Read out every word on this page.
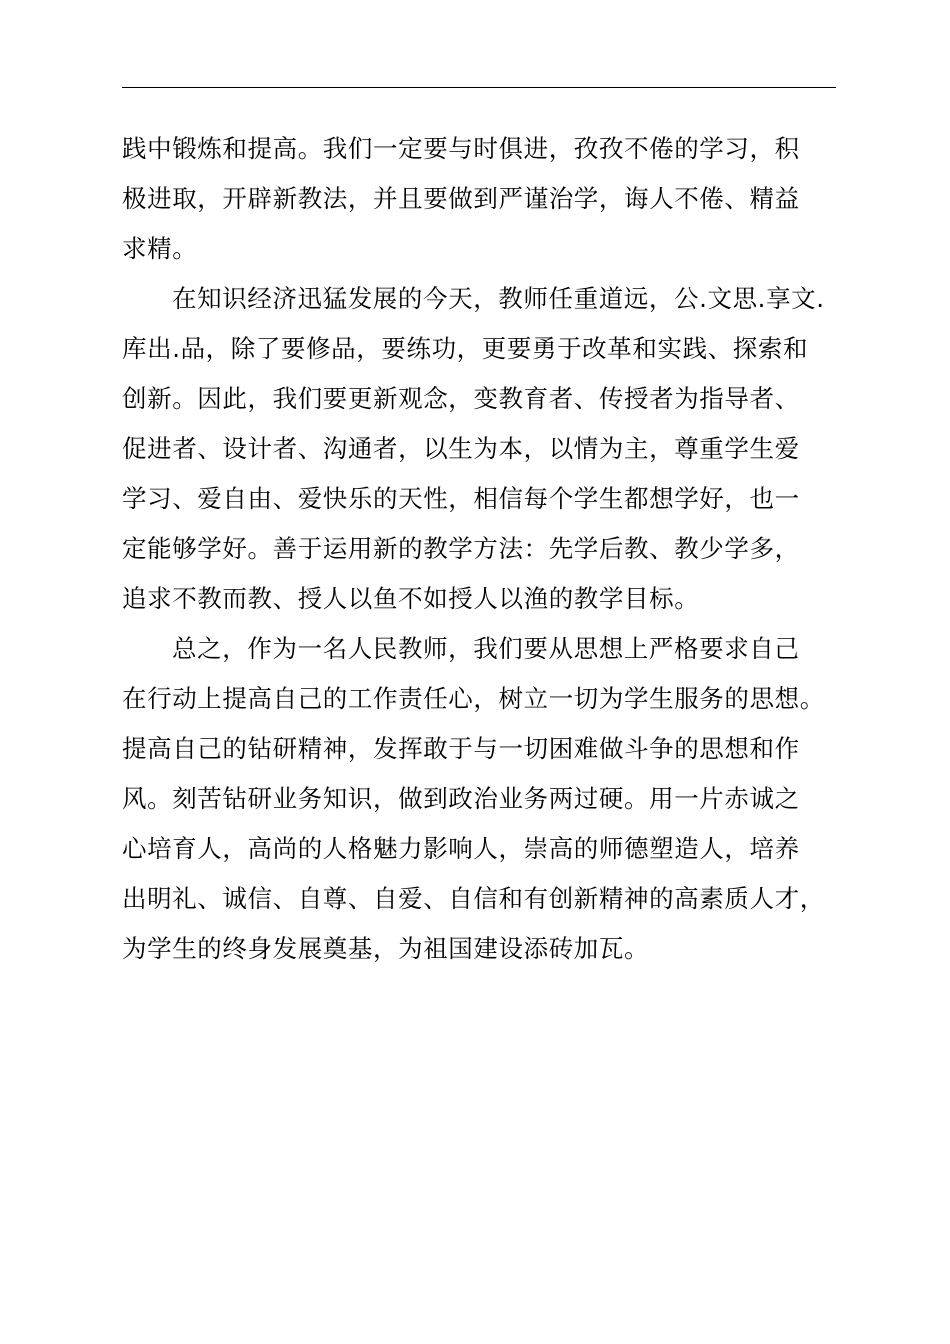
践中锻炼和提高。我们一定要与时俱进，孜孜不倦的学习，积
极进取，开辟新教法，并且要做到严谨治学，诲人不倦、精益
求精。
在知识经济迅猛发展的今天，教师任重道远，公.文思.享文.
库出.品，除了要修品，要练功，更要勇于改革和实践、探索和
创新。因此，我们要更新观念，变教育者、传授者为指导者、
促进者、设计者、沟通者，以生为本，以情为主，尊重学生爱
学习、爱自由、爱快乐的天性，相信每个学生都想学好，也一
定能够学好。善于运用新的教学方法：先学后教、教少学多，
追求不教而教、授人以鱼不如授人以渔的教学目标。
总之，作为一名人民教师，我们要从思想上严格要求自己
在行动上提高自己的工作责任心，树立一切为学生服务的思想。
提高自己的钻研精神，发挥敢于与一切困难做斗争的思想和作
风。刻苦钻研业务知识，做到政治业务两过硬。用一片赤诚之
心培育人，高尚的人格魅力影响人，崇高的师德塑造人，培养
出明礼、诚信、自尊、自爱、自信和有创新精神的高素质人才，
为学生的终身发展奠基，为祖国建设添砖加瓦。
